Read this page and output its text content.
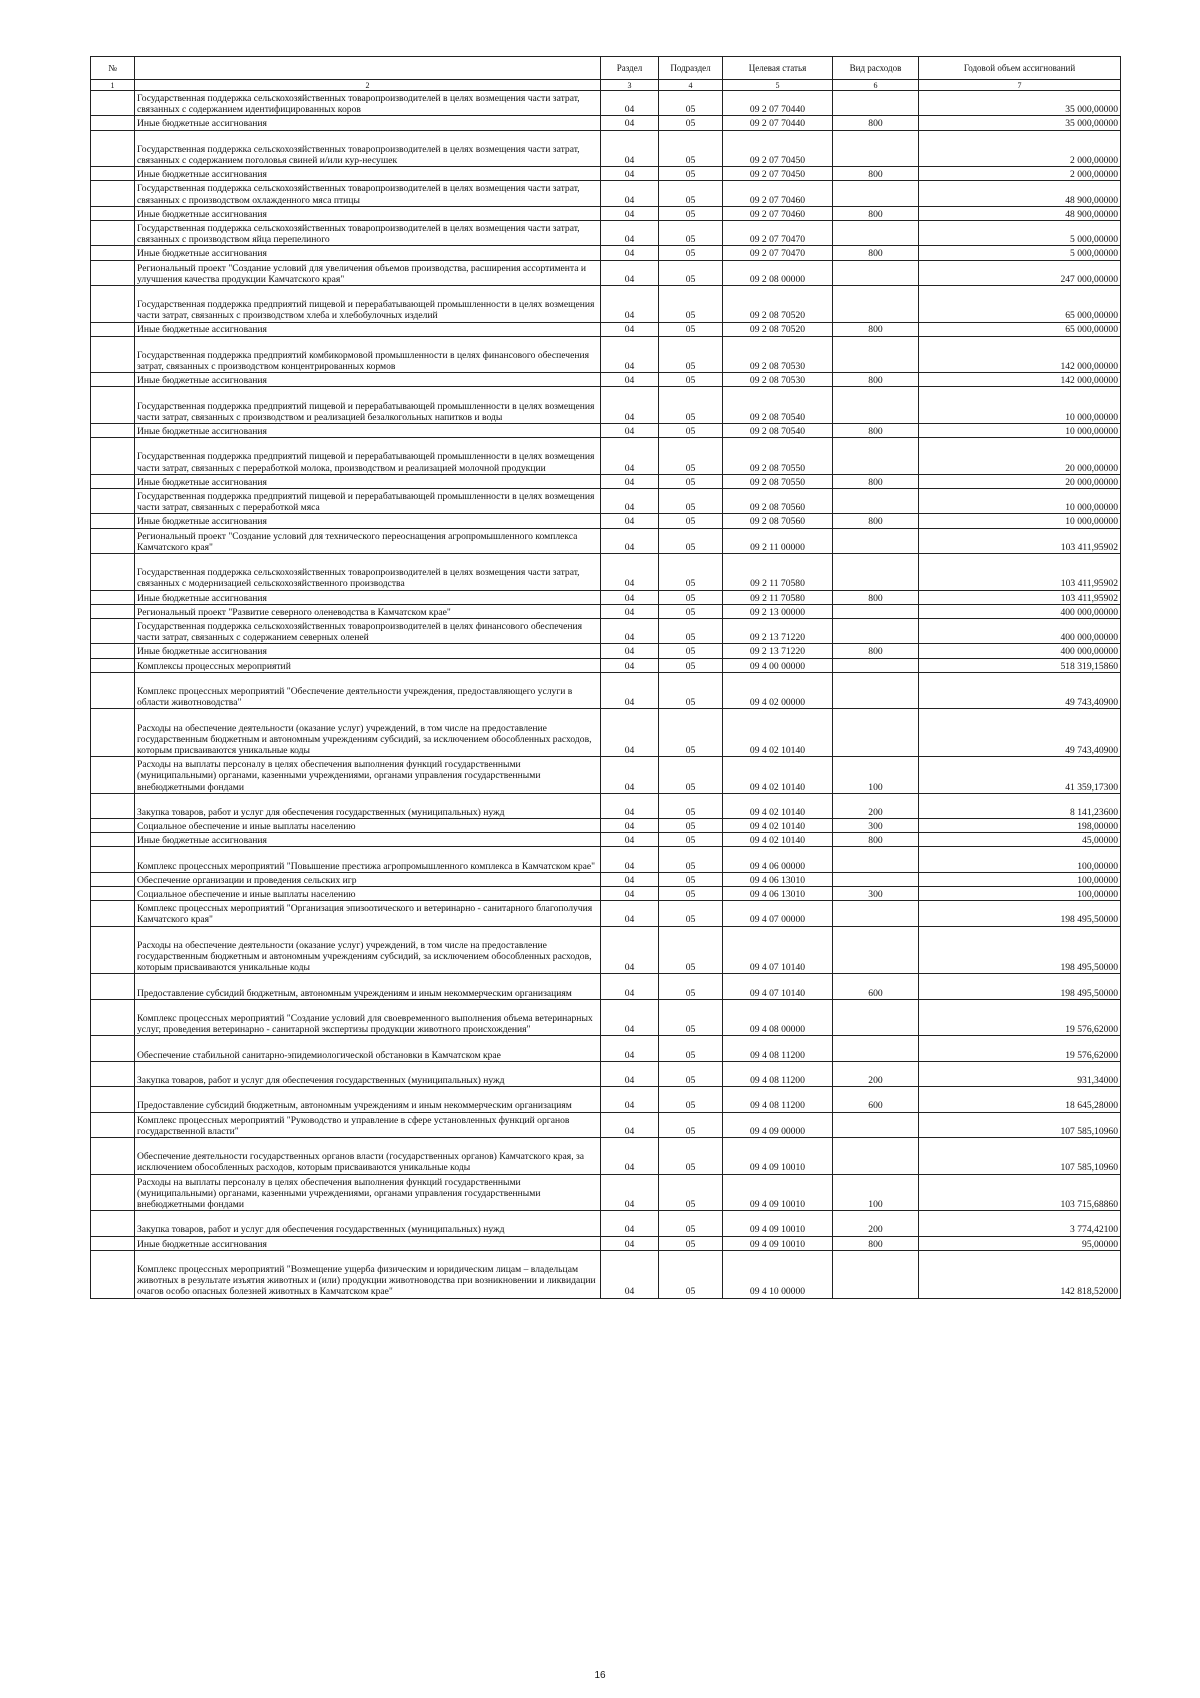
№		Раздел	Подраздел	Целевая статья	Вид расходов	Годовой объем ассигнований
1	2	3	4	5	6	7
	Государственная поддержка сельскохозяйственных товаропроизводителей в целях возмещения части затрат, связанных с содержанием идентифицированных коров	04	05	09 2 07 70440		35 000,00000
	Иные бюджетные ассигнования	04	05	09 2 07 70440	800	35 000,00000
	Государственная поддержка сельскохозяйственных товаропроизводителей в целях возмещения части затрат, связанных с содержанием поголовья свиней и/или кур-несушек	04	05	09 2 07 70450		2 000,00000
	Иные бюджетные ассигнования	04	05	09 2 07 70450	800	2 000,00000
	Государственная поддержка сельскохозяйственных товаропроизводителей в целях возмещения части затрат, связанных с производством охлажденного мяса птицы	04	05	09 2 07 70460		48 900,00000
	Иные бюджетные ассигнования	04	05	09 2 07 70460	800	48 900,00000
	Государственная поддержка сельскохозяйственных товаропроизводителей в целях возмещения части затрат, связанных с производством яйца перепелиного	04	05	09 2 07 70470		5 000,00000
	Иные бюджетные ассигнования	04	05	09 2 07 70470	800	5 000,00000
	Региональный проект "Создание условий для увеличения объемов производства, расширения ассортимента и улучшения качества продукции Камчатского края"	04	05	09 2 08 00000		247 000,00000
	Государственная поддержка предприятий пищевой и перерабатывающей промышленности в целях возмещения части затрат, связанных с производством хлеба и хлебобулочных изделий	04	05	09 2 08 70520		65 000,00000
	Иные бюджетные ассигнования	04	05	09 2 08 70520	800	65 000,00000
	Государственная поддержка предприятий комбикормовой промышленности в целях финансового обеспечения затрат, связанных с производством концентрированных кормов	04	05	09 2 08 70530		142 000,00000
	Иные бюджетные ассигнования	04	05	09 2 08 70530	800	142 000,00000
	Государственная поддержка предприятий пищевой и перерабатывающей промышленности в целях возмещения части затрат, связанных с производством и реализацией безалкогольных напитков и воды	04	05	09 2 08 70540		10 000,00000
	Иные бюджетные ассигнования	04	05	09 2 08 70540	800	10 000,00000
	Государственная поддержка предприятий пищевой и перерабатывающей промышленности в целях возмещения части затрат, связанных с переработкой молока, производством и реализацией молочной продукции	04	05	09 2 08 70550		20 000,00000
	Иные бюджетные ассигнования	04	05	09 2 08 70550	800	20 000,00000
	Государственная поддержка предприятий пищевой и перерабатывающей промышленности в целях возмещения части затрат, связанных с переработкой мяса	04	05	09 2 08 70560		10 000,00000
	Иные бюджетные ассигнования	04	05	09 2 08 70560	800	10 000,00000
	Региональный проект "Создание условий для технического переоснащения агропромышленного комплекса Камчатского края"	04	05	09 2 11 00000		103 411,95902
	Государственная поддержка сельскохозяйственных товаропроизводителей в целях возмещения части затрат, связанных с модернизацией сельскохозяйственного производства	04	05	09 2 11 70580		103 411,95902
	Иные бюджетные ассигнования	04	05	09 2 11 70580	800	103 411,95902
	Региональный проект "Развитие северного оленеводства в Камчатском крае"	04	05	09 2 13 00000		400 000,00000
	Государственная поддержка сельскохозяйственных товаропроизводителей в целях финансового обеспечения части затрат, связанных с содержанием северных оленей	04	05	09 2 13 71220		400 000,00000
	Иные бюджетные ассигнования	04	05	09 2 13 71220	800	400 000,00000
	Комплексы процессных мероприятий	04	05	09 4 00 00000		518 319,15860
	Комплекс процессных мероприятий "Обеспечение деятельности учреждения, предоставляющего услуги в области животноводства"	04	05	09 4 02 00000		49 743,40900
	Расходы на обеспечение деятельности (оказание услуг) учреждений, в том числе на предоставление государственным бюджетным и автономным учреждениям субсидий, за исключением обособленных расходов, которым присваиваются уникальные коды	04	05	09 4 02 10140		49 743,40900
	Расходы на выплаты персоналу в целях обеспечения выполнения функций государственными (муниципальными) органами, казенными учреждениями, органами управления государственными внебюджетными фондами	04	05	09 4 02 10140	100	41 359,17300
	Закупка товаров, работ и услуг для обеспечения государственных (муниципальных) нужд	04	05	09 4 02 10140	200	8 141,23600
	Социальное обеспечение и иные выплаты населению	04	05	09 4 02 10140	300	198,00000
	Иные бюджетные ассигнования	04	05	09 4 02 10140	800	45,00000
	Комплекс процессных мероприятий "Повышение престижа агропромышленного комплекса в Камчатском крае"	04	05	09 4 06 00000		100,00000
	Обеспечение организации и проведения сельских игр	04	05	09 4 06 13010		100,00000
	Социальное обеспечение и иные выплаты населению	04	05	09 4 06 13010	300	100,00000
	Комплекс процессных мероприятий "Организация эпизоотического и ветеринарно - санитарного благополучия Камчатского края"	04	05	09 4 07 00000		198 495,50000
	Расходы на обеспечение деятельности (оказание услуг) учреждений, в том числе на предоставление государственным бюджетным и автономным учреждениям субсидий, за исключением обособленных расходов, которым присваиваются уникальные коды	04	05	09 4 07 10140		198 495,50000
	Предоставление субсидий бюджетным, автономным учреждениям и иным некоммерческим организациям	04	05	09 4 07 10140	600	198 495,50000
	Комплекс процессных мероприятий "Создание условий для своевременного выполнения объема ветеринарных услуг, проведения ветеринарно - санитарной экспертизы продукции животного происхождения"	04	05	09 4 08 00000		19 576,62000
	Обеспечение стабильной санитарно-эпидемиологической обстановки в Камчатском крае	04	05	09 4 08 11200		19 576,62000
	Закупка товаров, работ и услуг для обеспечения государственных (муниципальных) нужд	04	05	09 4 08 11200	200	931,34000
	Предоставление субсидий бюджетным, автономным учреждениям и иным некоммерческим организациям	04	05	09 4 08 11200	600	18 645,28000
	Комплекс процессных мероприятий "Руководство и управление в сфере установленных функций органов государственной власти"	04	05	09 4 09 00000		107 585,10960
	Обеспечение деятельности государственных органов власти (государственных органов) Камчатского края, за исключением обособленных расходов, которым присваиваются уникальные коды	04	05	09 4 09 10010		107 585,10960
	Расходы на выплаты персоналу в целях обеспечения выполнения функций государственными (муниципальными) органами, казенными учреждениями, органами управления государственными внебюджетными фондами	04	05	09 4 09 10010	100	103 715,68860
	Закупка товаров, работ и услуг для обеспечения государственных (муниципальных) нужд	04	05	09 4 09 10010	200	3 774,42100
	Иные бюджетные ассигнования	04	05	09 4 09 10010	800	95,00000
	Комплекс процессных мероприятий "Возмещение ущерба физическим и юридическим лицам – владельцам животных в результате изъятия животных и (или) продукции животноводства при возникновении и ликвидации очагов особо опасных болезней животных в Камчатском крае"	04	05	09 4 10 00000		142 818,52000
16
